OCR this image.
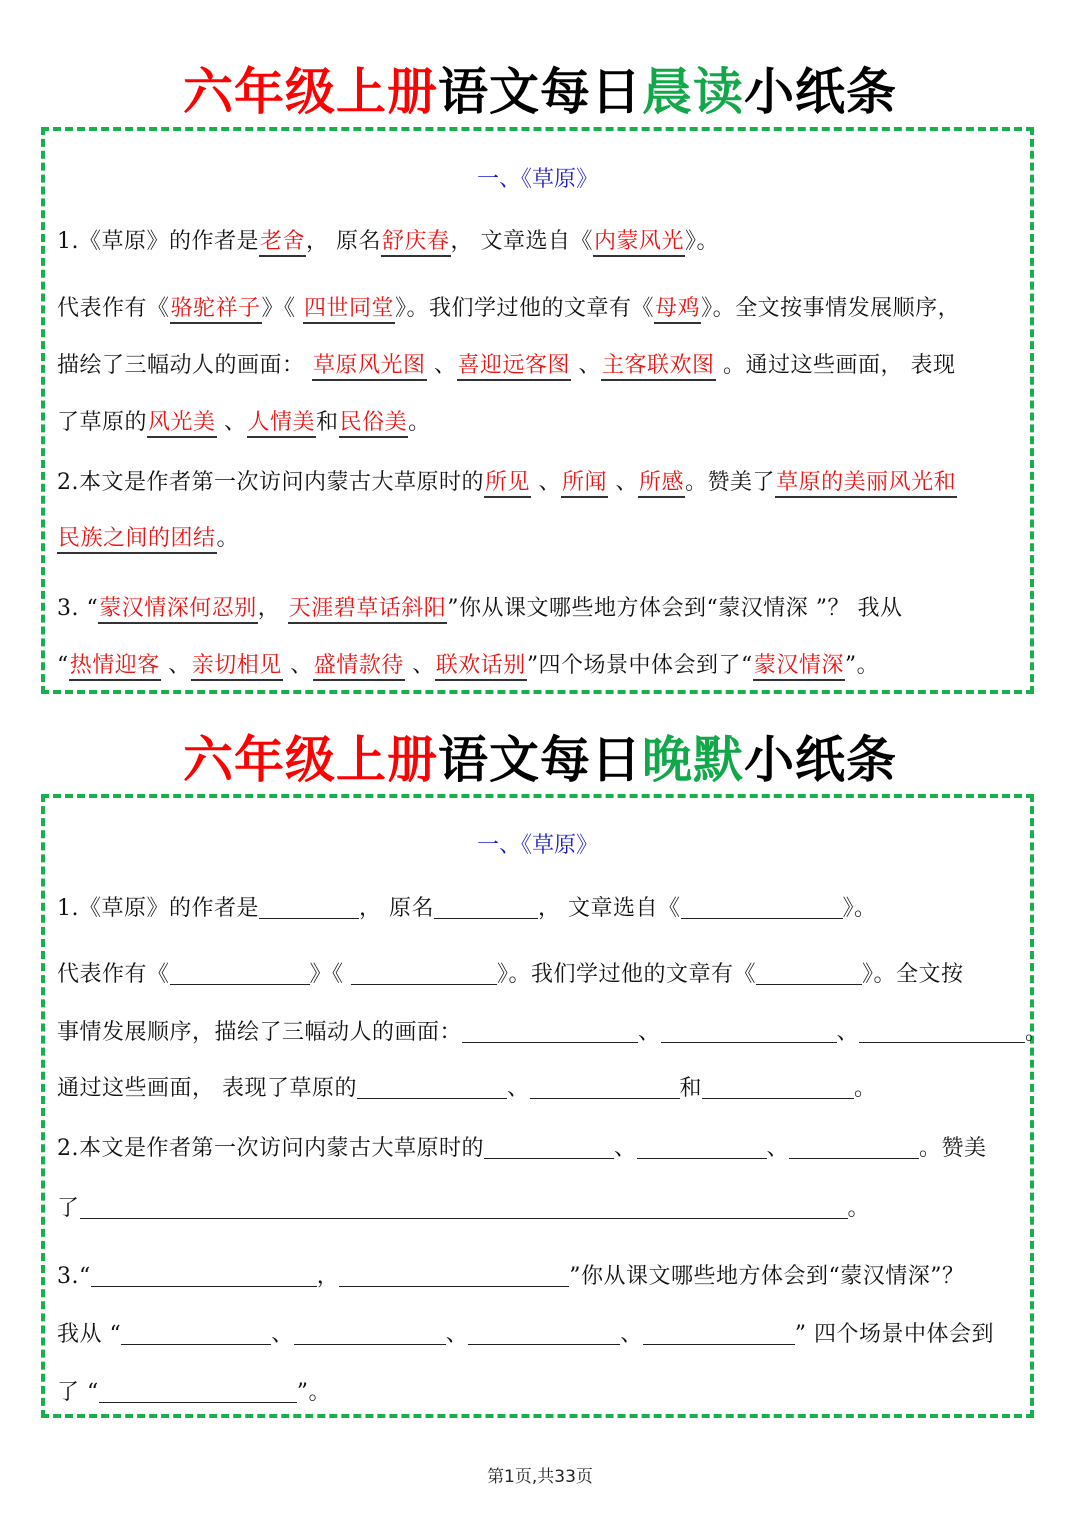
六年级上册语文每日晨读小纸条
一、《草原》
1.《草原》的作者是老舍， 原名舒庆春， 文章选自《内蒙风光》。
代表作有《骆驼祥子》《 四世同堂》。我们学过他的文章有《母鸡》。全文按事情发展顺序，
描绘了三幅动人的画面： 草原风光图 、喜迎远客图 、主客联欢图 。通过这些画面， 表现
了草原的风光美 、人情美和民俗美。
2.本文是作者第一次访问内蒙古大草原时的所见 、所闻 、所感。赞美了草原的美丽风光和
民族之间的团结。
3. “蒙汉情深何忍别， 天涯碧草话斜阳”你从课文哪些地方体会到“蒙汉情深 ”？ 我从
“热情迎客 、亲切相见 、盛情款待 、联欢话别”四个场景中体会到了“蒙汉情深”。
六年级上册语文每日晚默小纸条
一、《草原》
1.《草原》的作者是	， 原名	， 文章选自《	》。
代表作有《	》《	》。我们学过他的文章有《	》。全文按
事情发展顺序，描绘了三幅动人的画面：	、	、	。
通过这些画面， 表现了草原的	、	和	。
2.本文是作者第一次访问内蒙古大草原时的	、	、	。赞美
了	。
3.“	，	”你从课文哪些地方体会到“蒙汉情深”？
我从 “	、	、	、	” 四个场景中体会到
了 “	”。
第1页,共33页
